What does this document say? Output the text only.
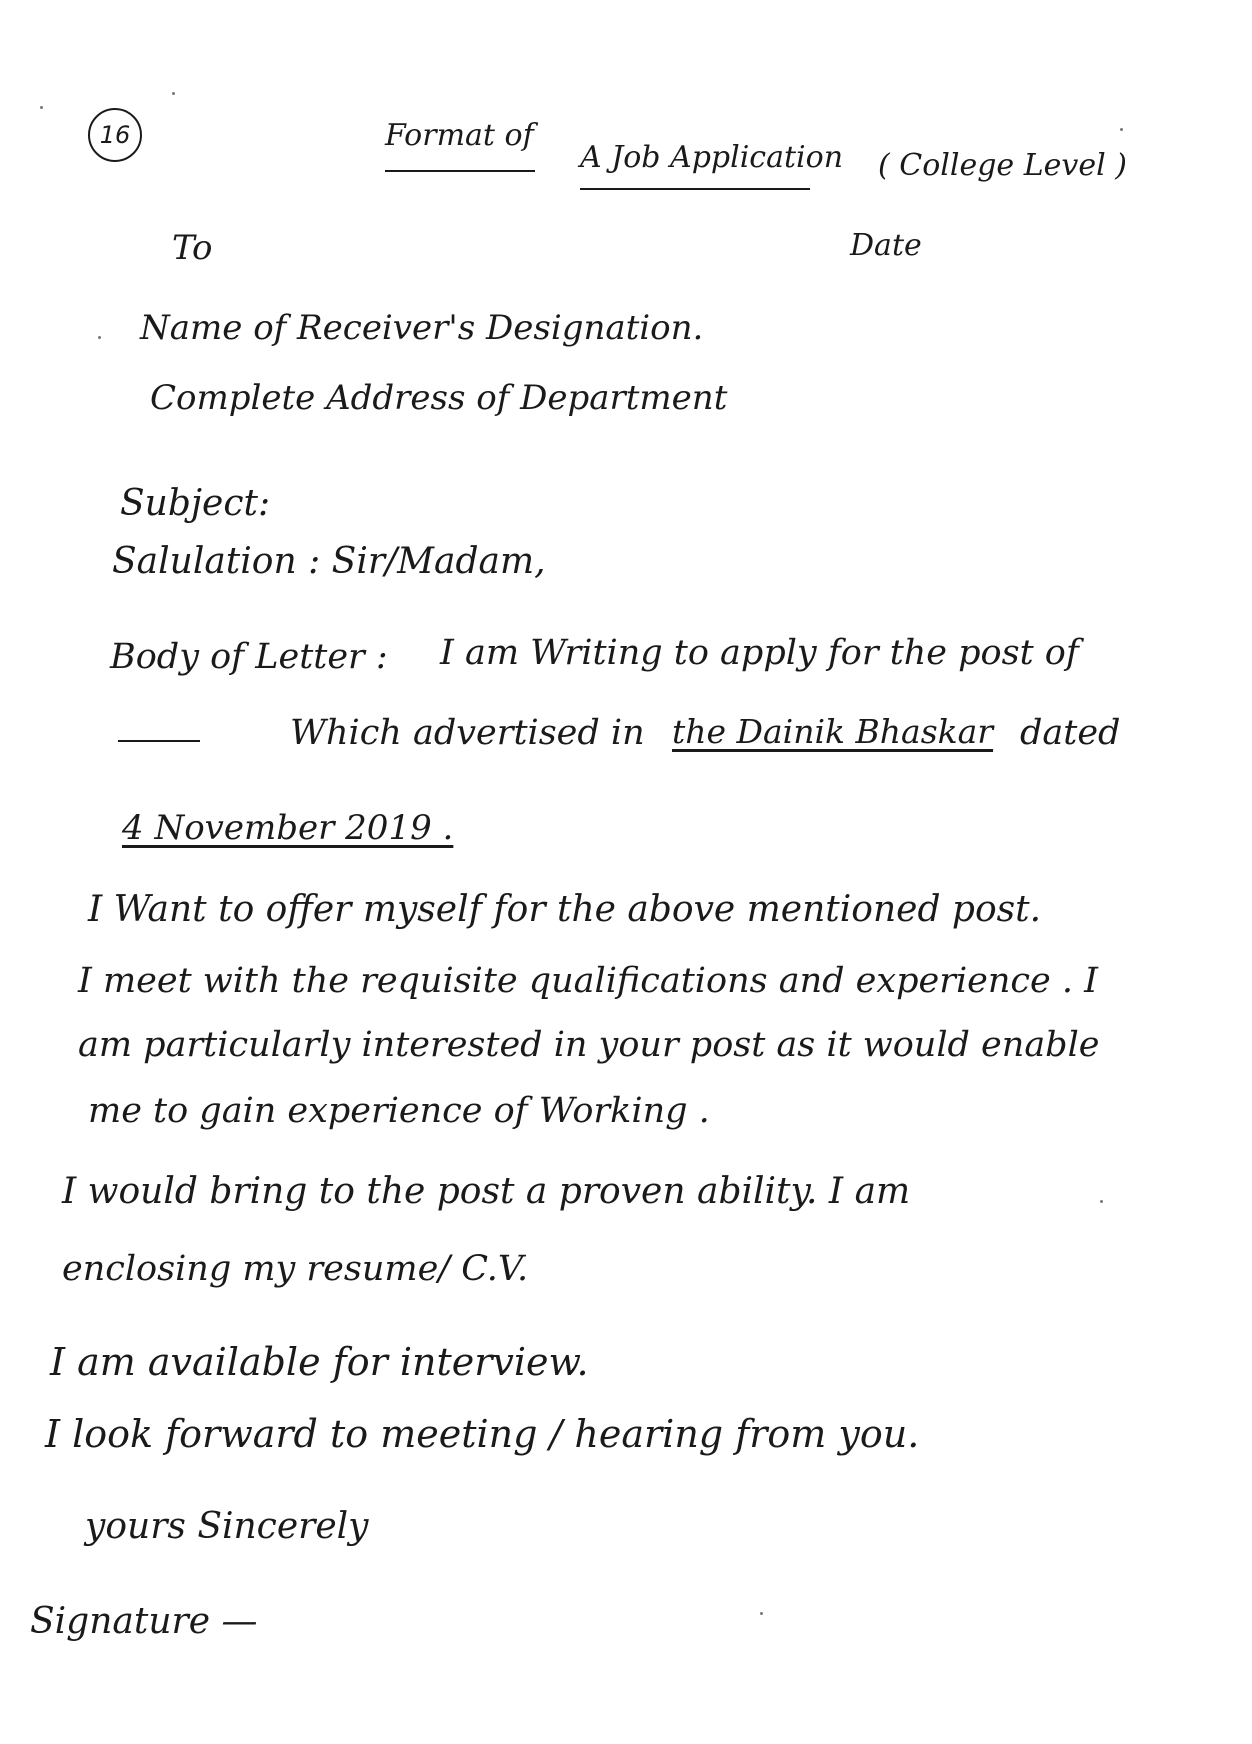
16	Format of
A Job Application ( College Level )
To	Date
Name of Receiver's Designation.
Complete Address of Department
Subject:
Salulation : Sir/Madam,
Body of Letter : I am Writing to apply for the post of
Which advertised in the Dainik Bhaskar dated
4 November 2019 .
I Want to offer myself for the above mentioned post.
I meet with the requisite qualifications and experience . I
am particularly interested in your post as it would enable
me to gain experience of Working .
I would bring to the post a proven ability. I am
enclosing my resume/ C.V.
I am available for interview.
I look forward to meeting / hearing from you.
yours Sincerely
Signature —
